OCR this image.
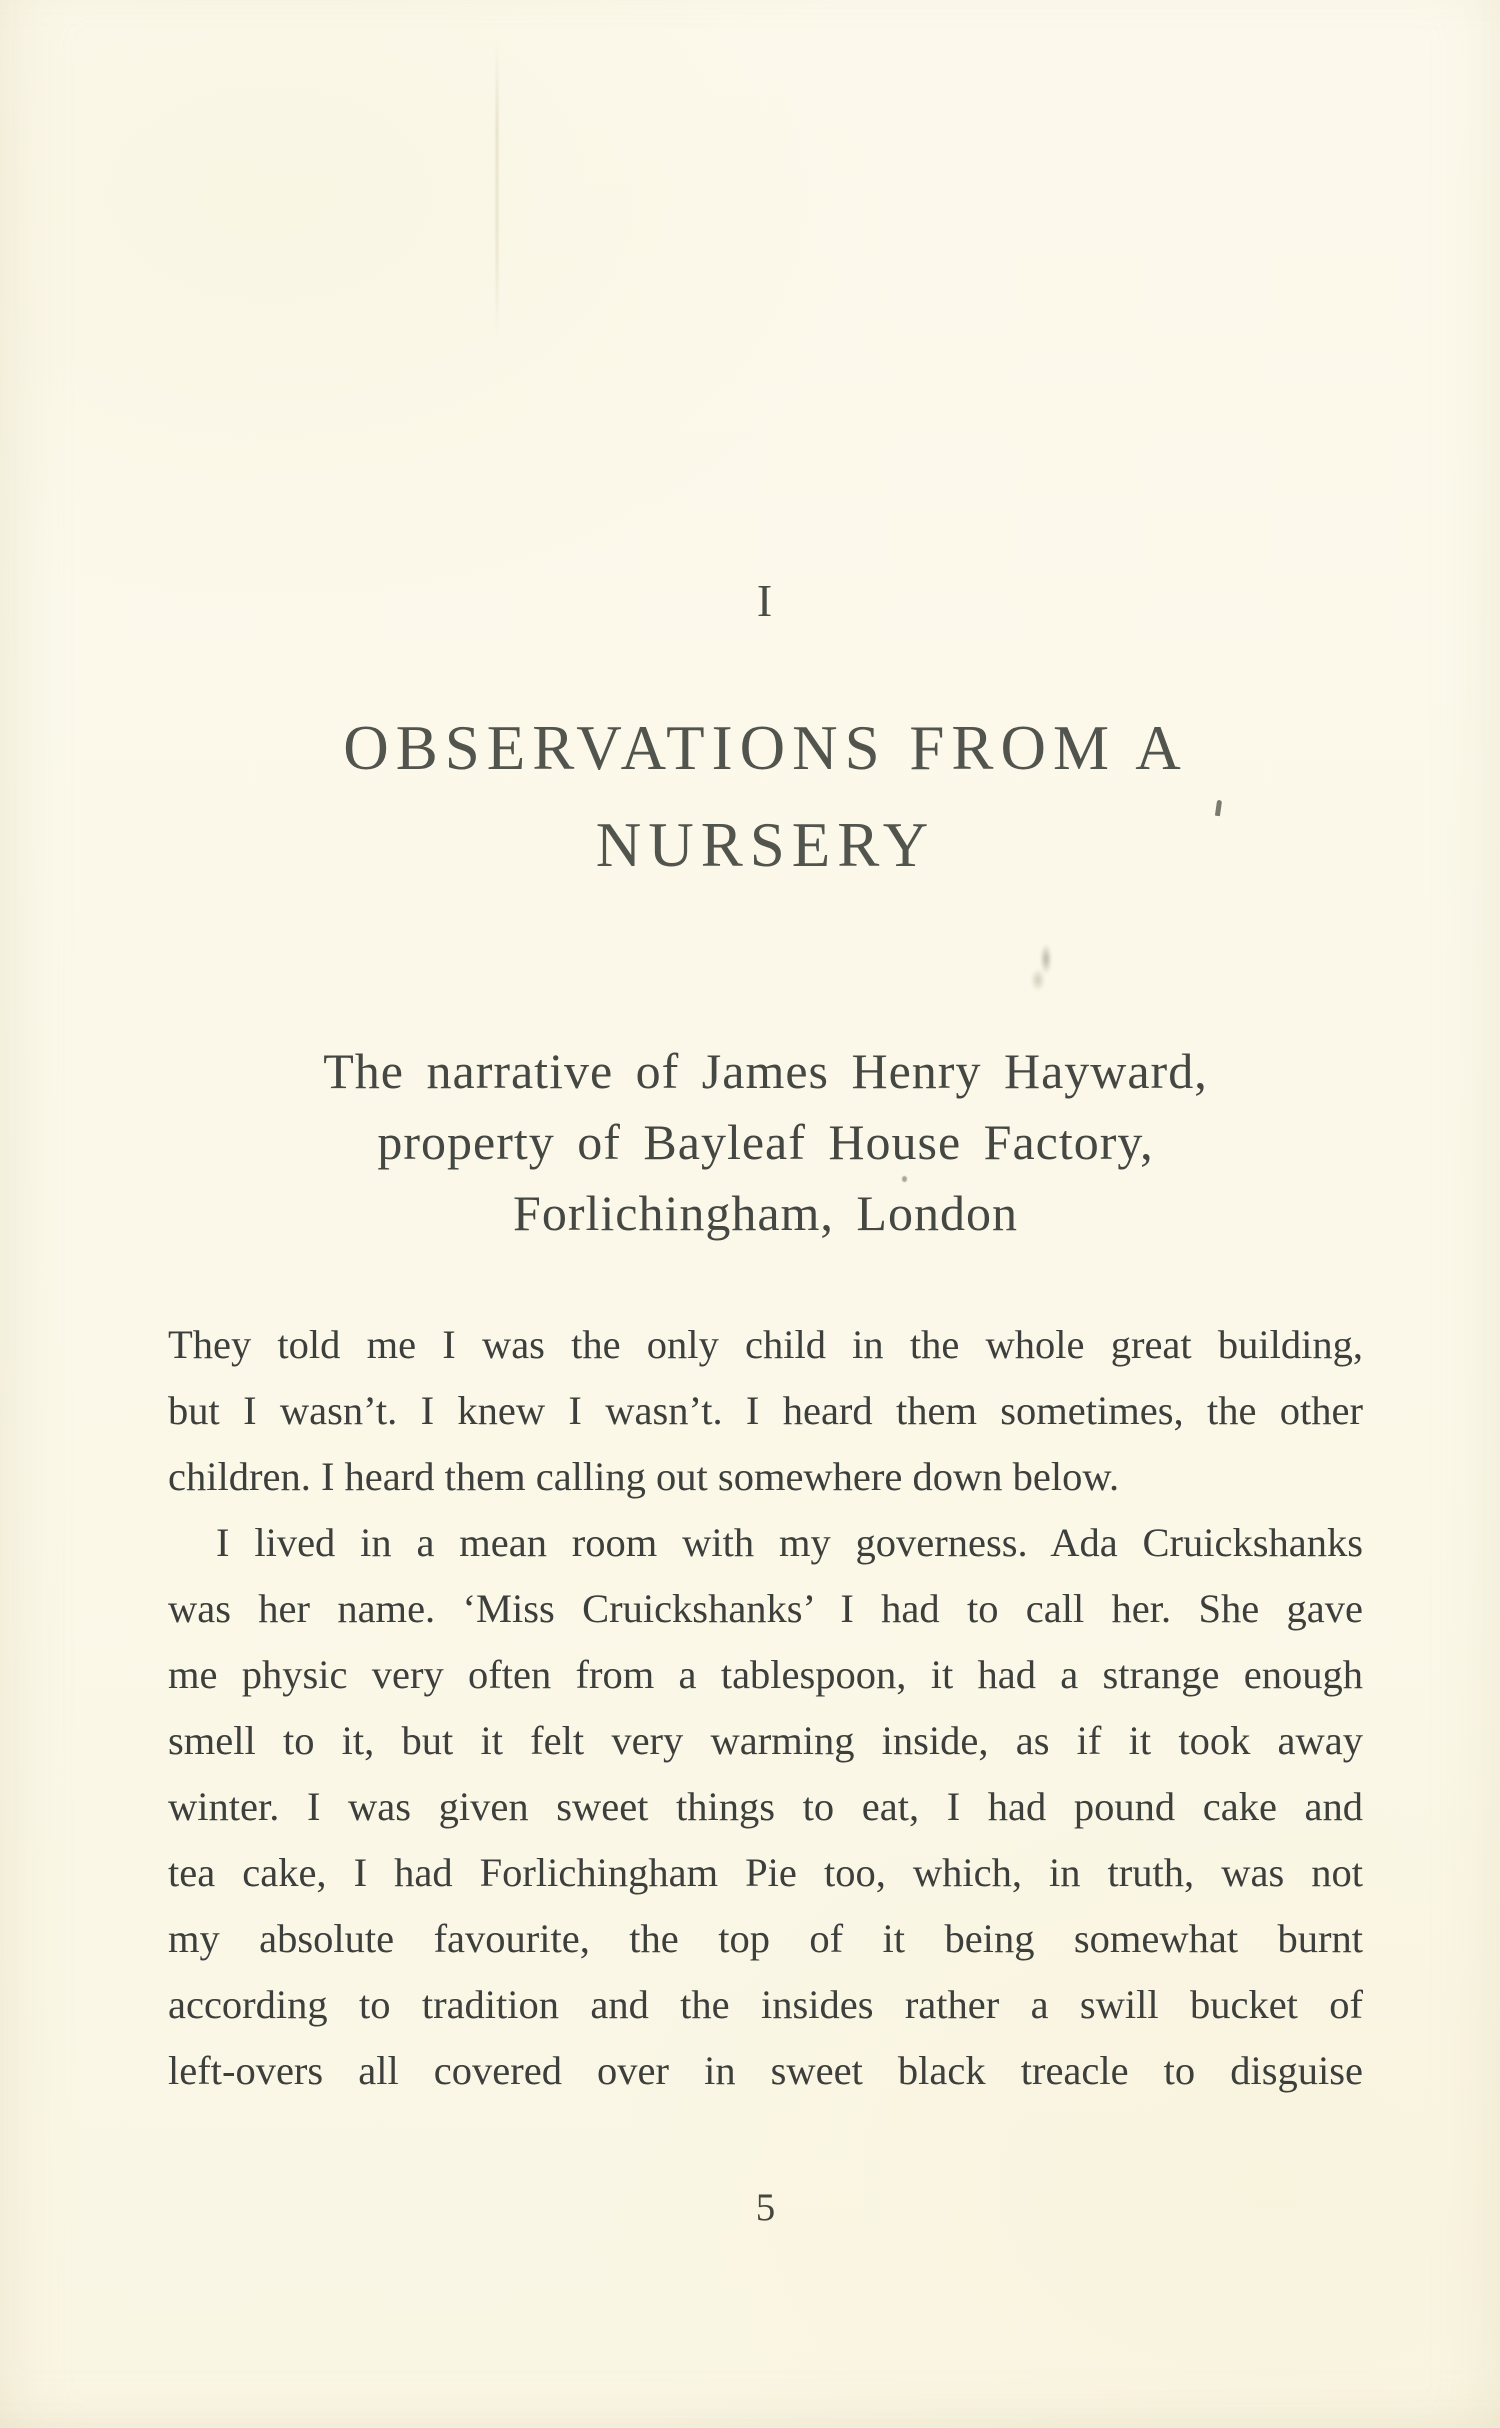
I
OBSERVATIONS FROM A
NURSERY
The narrative of James Henry Hayward,
property of Bayleaf House Factory,
Forlichingham, London
They told me I was the only child in the whole great building,
but I wasn’t. I knew I wasn’t. I heard them sometimes, the other
children. I heard them calling out somewhere down below.
I lived in a mean room with my governess. Ada Cruickshanks
was her name. ‘Miss Cruickshanks’ I had to call her. She gave
me physic very often from a tablespoon, it had a strange enough
smell to it, but it felt very warming inside, as if it took away
winter. I was given sweet things to eat, I had pound cake and
tea cake, I had Forlichingham Pie too, which, in truth, was not
my absolute favourite, the top of it being somewhat burnt
according to tradition and the insides rather a swill bucket of
left-overs all covered over in sweet black treacle to disguise
5
